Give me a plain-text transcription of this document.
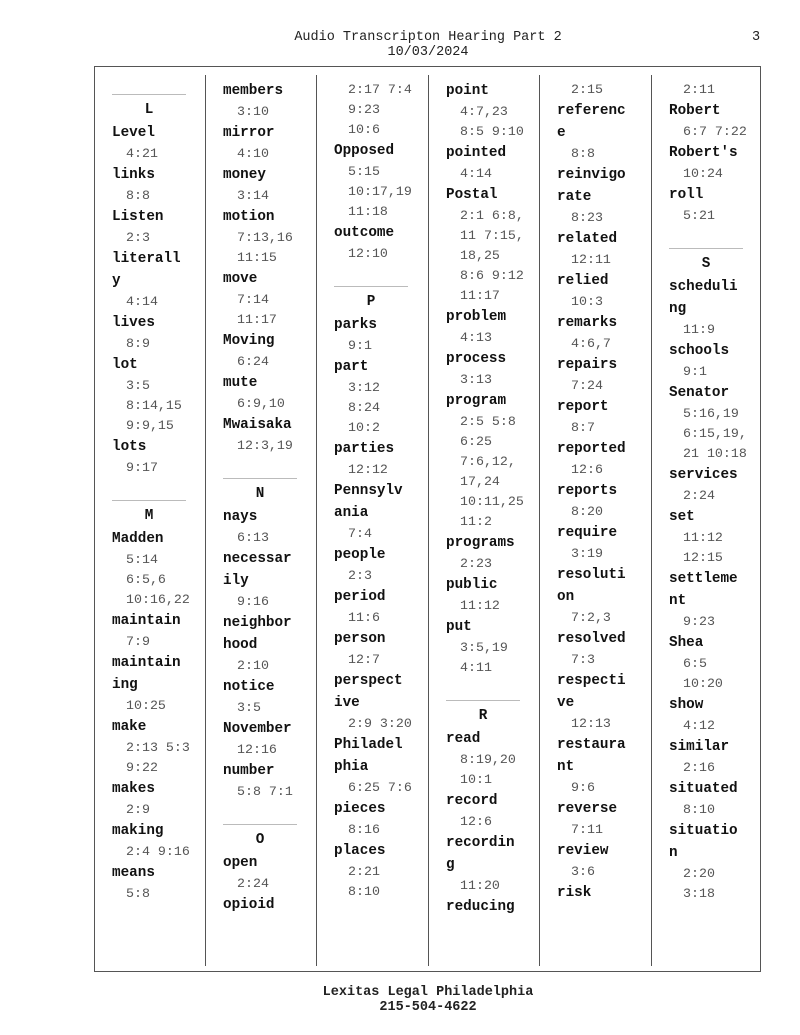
Audio Transcripton Hearing Part 2
10/03/2024
3
L
Level
4:21
links
8:8
Listen
2:3
literall
y
4:14
lives
8:9
lot
3:5
8:14,15
9:9,15
lots
9:17
M
Madden
5:14
6:5,6
10:16,22
maintain
7:9
maintain
ing
10:25
make
2:13 5:3
9:22
makes
2:9
making
2:4 9:16
means
5:8
members
3:10
mirror
4:10
money
3:14
motion
7:13,16
11:15
move
7:14
11:17
Moving
6:24
mute
6:9,10
Mwaisaka
12:3,19
N
nays
6:13
necessar
ily
9:16
neighbor
hood
2:10
notice
3:5
November
12:16
number
5:8 7:1
O
open
2:24
opioid
2:17 7:4
9:23
10:6
Opposed
5:15
10:17,19
11:18
outcome
12:10
P
parks
9:1
part
3:12
8:24
10:2
parties
12:12
Pennsylv
ania
7:4
people
2:3
period
11:6
person
12:7
perspect
ive
2:9 3:20
Philadel
phia
6:25 7:6
pieces
8:16
places
2:21
8:10
point
4:7,23
8:5 9:10
pointed
4:14
Postal
2:1 6:8,
11 7:15,
18,25
8:6 9:12
11:17
problem
4:13
process
3:13
program
2:5 5:8
6:25
7:6,12,
17,24
10:11,25
11:2
programs
2:23
public
11:12
put
3:5,19
4:11
R
read
8:19,20
10:1
record
12:6
recordin
g
11:20
reducing
2:15
referenc
e
8:8
reinvigo
rate
8:23
related
12:11
relied
10:3
remarks
4:6,7
repairs
7:24
report
8:7
reported
12:6
reports
8:20
require
3:19
resoluti
on
7:2,3
resolved
7:3
respecti
ve
12:13
restaura
nt
9:6
reverse
7:11
review
3:6
risk
2:11
Robert
6:7 7:22
Robert's
10:24
roll
5:21
S
scheduli
ng
11:9
schools
9:1
Senator
5:16,19
6:15,19,
21 10:18
services
2:24
set
11:12
12:15
settleme
nt
9:23
Shea
6:5
10:20
show
4:12
similar
2:16
situated
8:10
situatio
n
2:20
3:18
Lexitas Legal Philadelphia
215-504-4622
